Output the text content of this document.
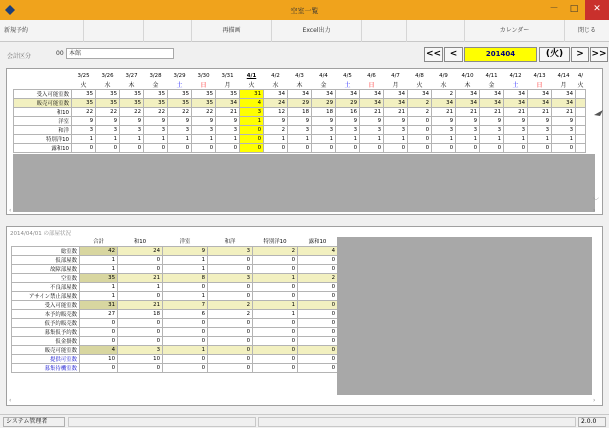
空室一覧	－	□	✕
新規予約	再描画	Excel出力	カレンダー	閉じる
会計区分	00 本館	<< <	201404	(火)	> >>
	3/25	3/26	3/27	3/28	3/29	3/30	3/31	4/1	4/2	4/3	4/4	4/5	4/6	4/7	4/8	4/9	4/10	4/11	4/12	4/13	4/14	4/
	火	水	木	金	土	日	月	火	水	木	金	土	日	月	火	水	木	金	土	日	月	火
受入可能室数	35	35	35	35	35	35	35	31	34	34	34	34	34	34	34	2	34	34	34	34	34	
販売可能室数	35	35	35	35	35	35	34	4	24	29	29	29	34	34	2	34	34	34	34	34	34	
和10	22	22	22	22	22	22	21	3	12	18	18	16	21	21	2	21	21	21	21	21	21	
洋室	9	9	9	9	9	9	9	1	9	9	9	9	9	9	0	9	9	9	9	9	9	
和洋	3	3	3	3	3	3	3	0	2	3	3	3	3	3	0	3	3	3	3	3	3	
特別洋10	1	1	1	1	1	1	1	0	1	1	1	1	1	1	0	1	1	1	1	1	1	
露和10	0	0	0	0	0	0	0	0	0	0	0	0	0	0	0	0	0	0	0	0	0	
﹀
‹	›
2014/04/01 の部屋状況
	合計	和10	洋室	和洋	特別洋10	露和10	
総室数	42	24	9	3	2	4	
仮部屋数	1	0	1	0	0	0	
故障部屋数	1	0	1	0	0	0	
空室数	35	21	8	3	1	2	
不良部屋数	1	1	0	0	0	0	
アサイン禁止部屋数	1	0	1	0	0	0	
受入可能室数	31	21	7	2	1	0	
本予約販売数	27	18	6	2	1	0	
仮予約販売数	0	0	0	0	0	0	
募集仮予約数	0	0	0	0	0	0	
仮金掛数	0	0	0	0	0	0	
販売可能室数	4	3	1	0	0	0	
提供可室数	10	10	0	0	0	0	
募集待機室数	0	0	0	0	0	0	
‹	›
システム管理者	2.0.0
